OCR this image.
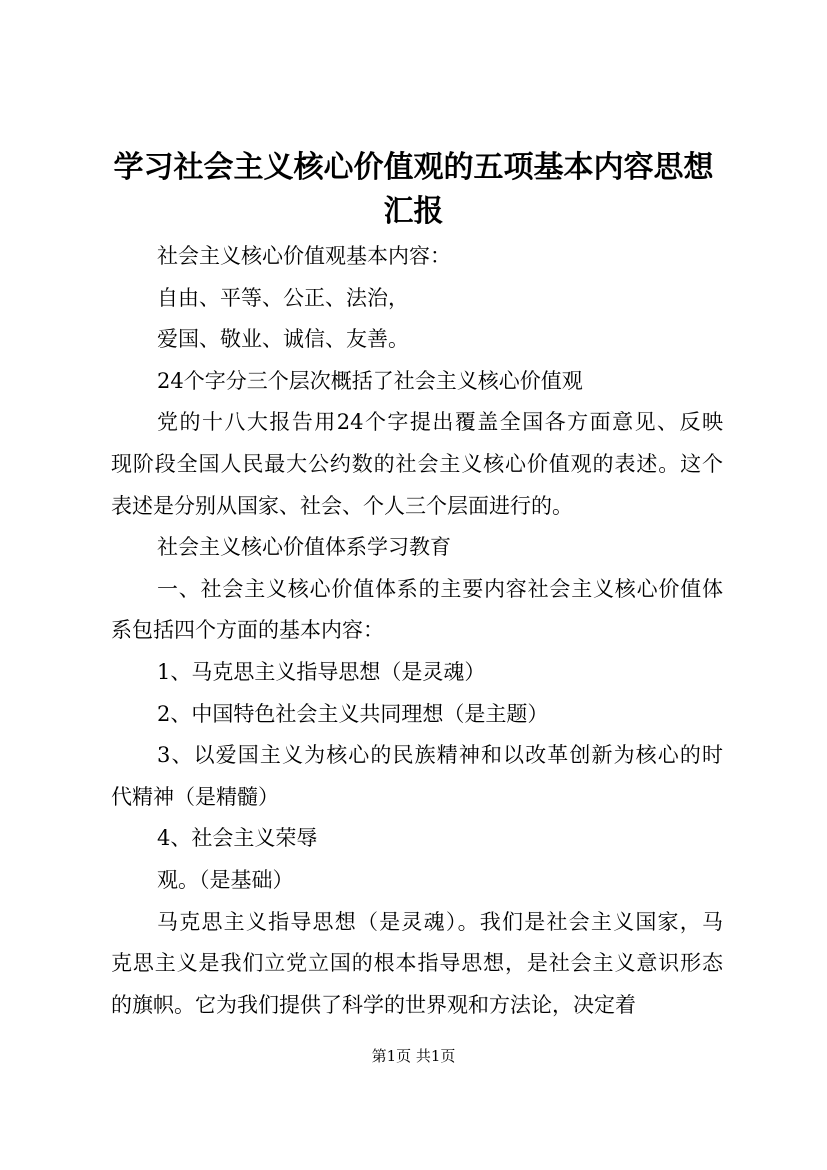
学习社会主义核心价值观的五项基本内容思想
汇报
社会主义核心价值观基本内容：
自由、平等、公正、法治，
爱国、敬业、诚信、友善。
24个字分三个层次概括了社会主义核心价值观
党的十八大报告用24个字提出覆盖全国各方面意见、反映
现阶段全国人民最大公约数的社会主义核心价值观的表述。这个
表述是分别从国家、社会、个人三个层面进行的。
社会主义核心价值体系学习教育
一、社会主义核心价值体系的主要内容社会主义核心价值体
系包括四个方面的基本内容：
1、马克思主义指导思想（是灵魂）
2、中国特色社会主义共同理想（是主题）
3、以爱国主义为核心的民族精神和以改革创新为核心的时
代精神（是精髓）
4、社会主义荣辱
观。（是基础）
马克思主义指导思想（是灵魂）。我们是社会主义国家，马
克思主义是我们立党立国的根本指导思想，是社会主义意识形态
的旗帜。它为我们提供了科学的世界观和方法论，决定着
第1页 共1页
